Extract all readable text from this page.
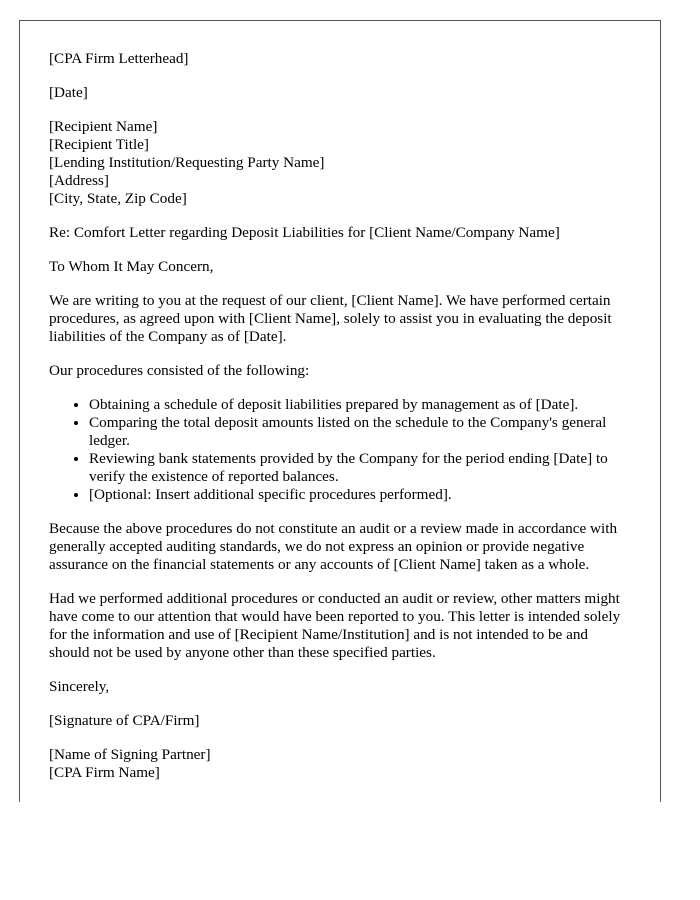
[CPA Firm Letterhead]

[Date]

[Recipient Name]
[Recipient Title]
[Lending Institution/Requesting Party Name]
[Address]
[City, State, Zip Code]

Re: Comfort Letter regarding Deposit Liabilities for [Client Name/Company Name]

To Whom It May Concern,

We are writing to you at the request of our client, [Client Name]. We have performed certain procedures, as agreed upon with [Client Name], solely to assist you in evaluating the deposit liabilities of the Company as of [Date].

Our procedures consisted of the following:

• Obtaining a schedule of deposit liabilities prepared by management as of [Date].
• Comparing the total deposit amounts listed on the schedule to the Company's general ledger.
• Reviewing bank statements provided by the Company for the period ending [Date] to verify the existence of reported balances.
• [Optional: Insert additional specific procedures performed].

Because the above procedures do not constitute an audit or a review made in accordance with generally accepted auditing standards, we do not express an opinion or provide negative assurance on the financial statements or any accounts of [Client Name] taken as a whole.

Had we performed additional procedures or conducted an audit or review, other matters might have come to our attention that would have been reported to you. This letter is intended solely for the information and use of [Recipient Name/Institution] and is not intended to be and should not be used by anyone other than these specified parties.

Sincerely,

[Signature of CPA/Firm]

[Name of Signing Partner]
[CPA Firm Name]
